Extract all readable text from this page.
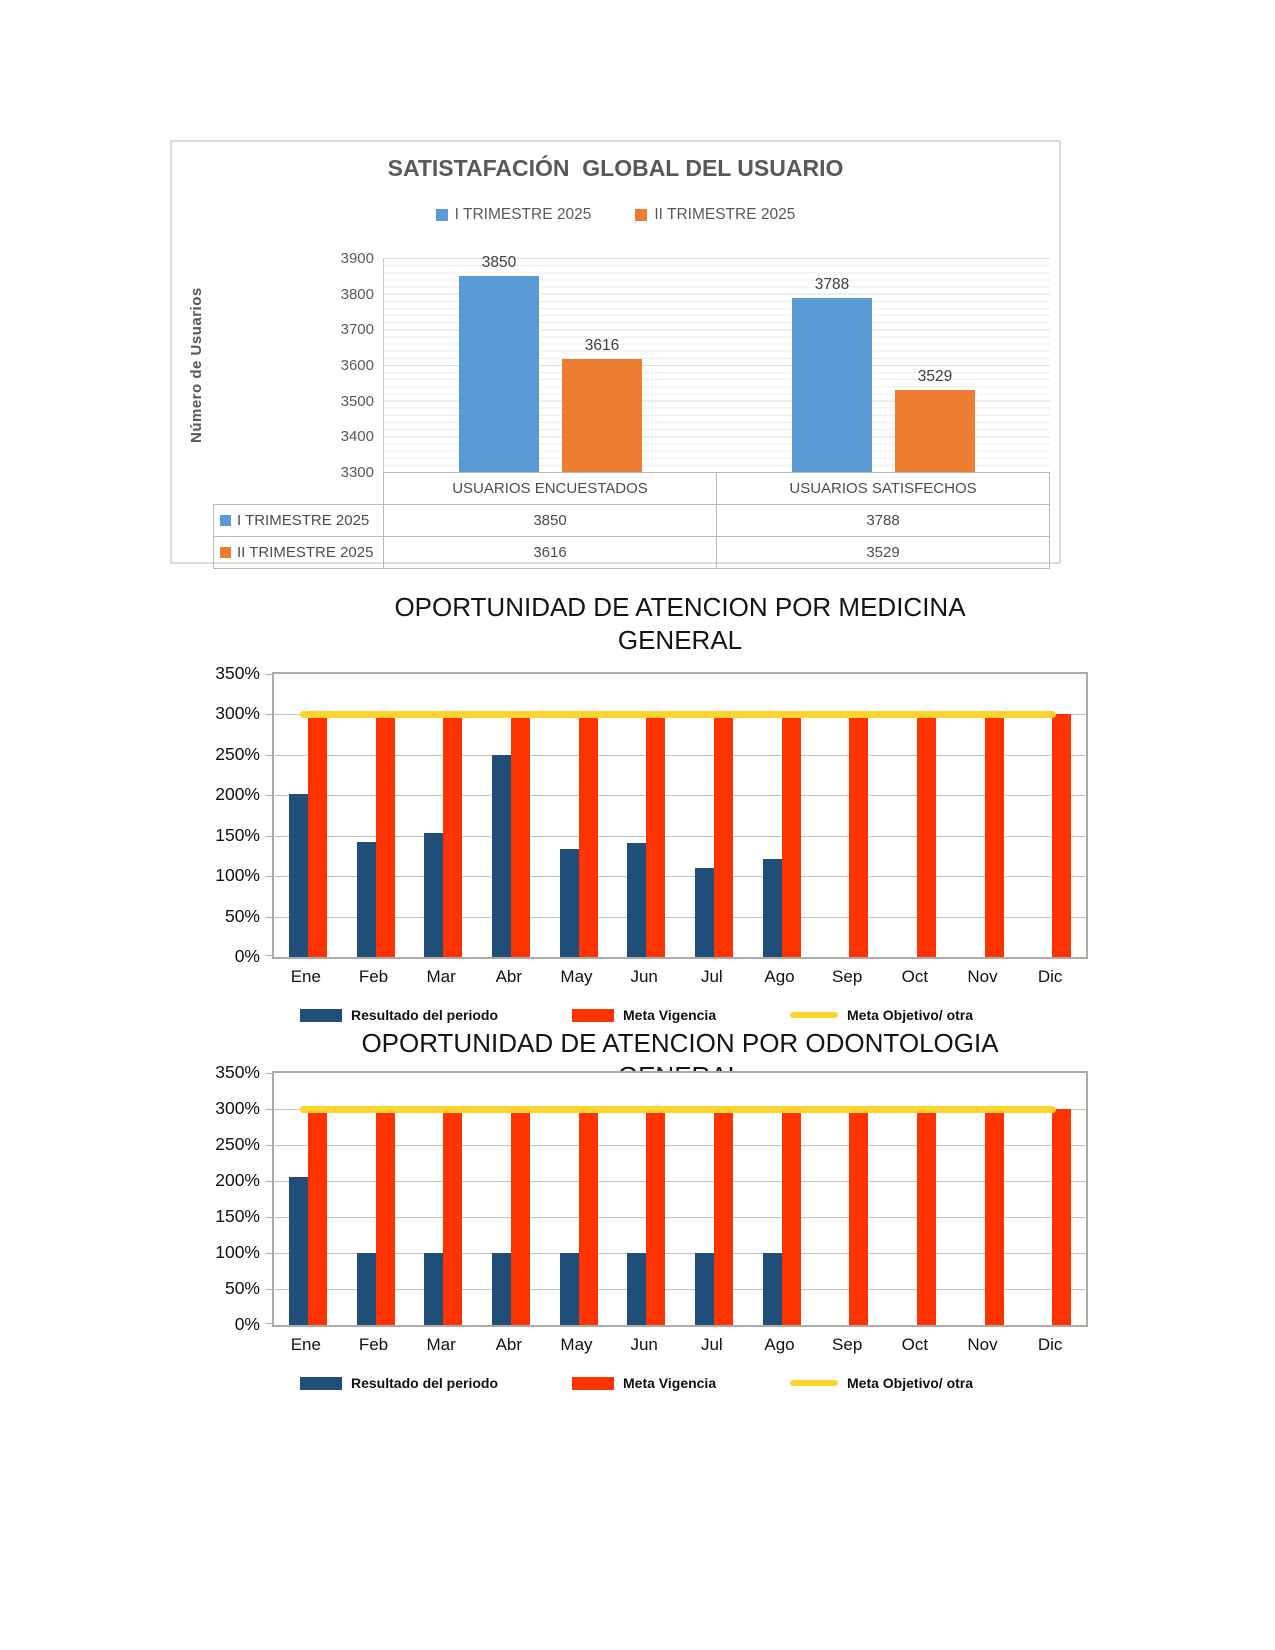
SATISTAFACIÓN  GLOBAL DEL USUARIO
I TRIMESTRE 2025	II TRIMESTRE 2025
Número de Usuarios
3900
3800
3700
3600
3500
3400
3300
3850
3616
3788
3529
	USUARIOS ENCUESTADOS	USUARIOS SATISFECHOS
I TRIMESTRE 2025	3850	3788
II TRIMESTRE 2025	3616	3529
OPORTUNIDAD DE ATENCION POR MEDICINA
GENERAL
350%
300%
250%
200%
150%
100%
50%
0%
Ene	Feb	Mar	Abr	May	Jun	Jul	Ago	Sep	Oct	Nov	Dic
Resultado del periodo	Meta Vigencia	Meta Objetivo/ otra
OPORTUNIDAD DE ATENCION POR ODONTOLOGIA

350%
300%
250%
200%
150%
100%
50%
0%
Ene	Feb	Mar	Abr	May	Jun	Jul	Ago	Sep	Oct	Nov	Dic
Resultado del periodo	Meta Vigencia	Meta Objetivo/ otra
